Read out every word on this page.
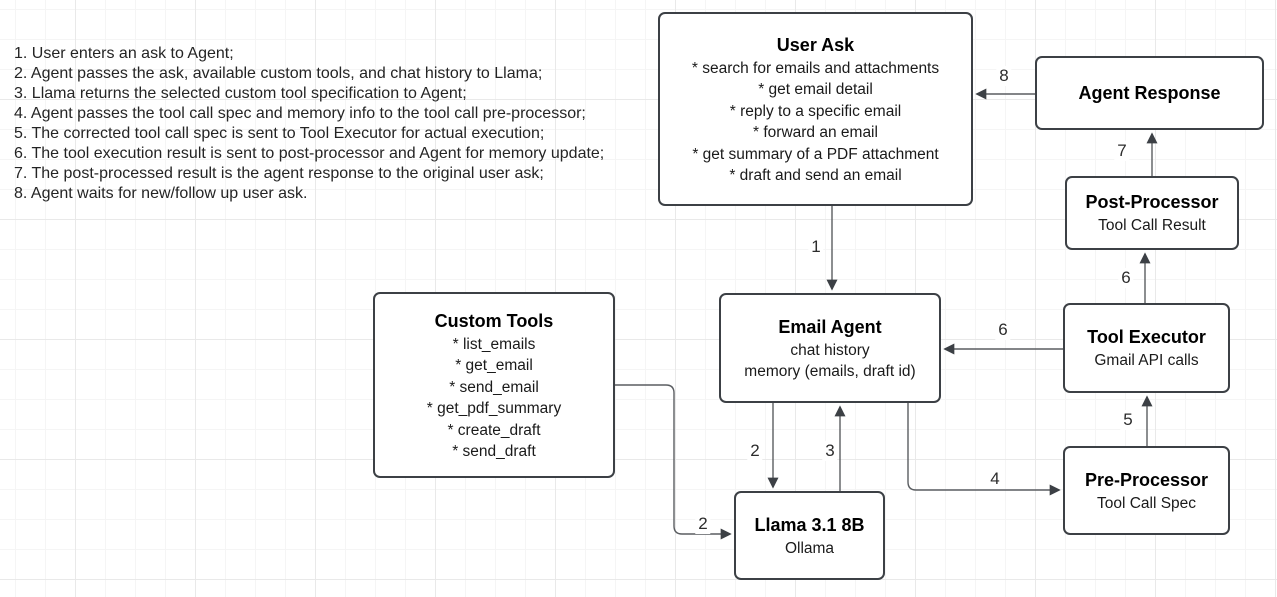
1. User enters an ask to Agent;
2. Agent passes the ask, available custom tools, and chat history to Llama;
3. Llama returns the selected custom tool specification to Agent;
4. Agent passes the tool call spec and memory info to the tool call pre-processor;
5. The corrected tool call spec is sent to Tool Executor for actual execution;
6. The tool execution result is sent to post-processor and Agent for memory update;
7. The post-processed result is the agent response to the original user ask;
8. Agent waits for new/follow up user ask.
1
8
7
6
5
6
4
2	3
2
User Ask
* search for emails and attachments
* get email detail
* reply to a specific email
* forward an email
* get summary of a PDF attachment
* draft and send an email
Agent Response
Post-Processor
Tool Call Result
Tool Executor
Gmail API calls
Pre-Processor
Tool Call Spec
Email Agent
chat history
memory (emails, draft id)
Custom Tools
* list_emails
* get_email
* send_email
* get_pdf_summary
* create_draft
* send_draft
Llama 3.1 8B
Ollama
